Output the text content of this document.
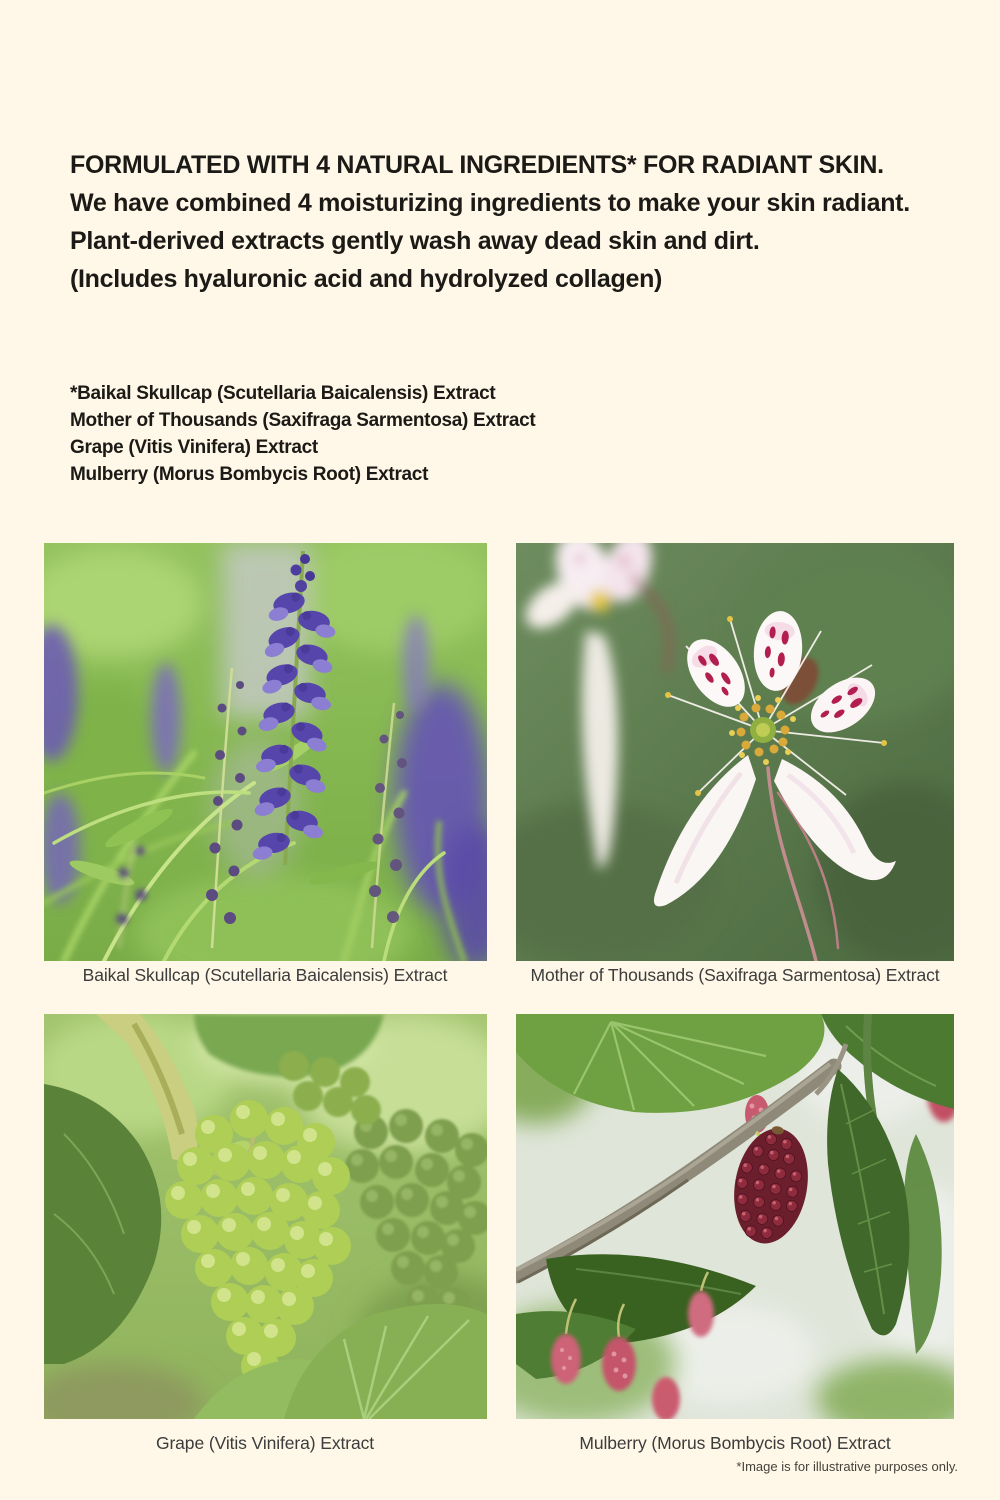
FORMULATED WITH 4 NATURAL INGREDIENTS* FOR RADIANT SKIN.
We have combined 4 moisturizing ingredients to make your skin radiant.
Plant-derived extracts gently wash away dead skin and dirt.
(Includes hyaluronic acid and hydrolyzed collagen)
*Baikal Skullcap (Scutellaria Baicalensis) Extract
Mother of Thousands (Saxifraga Sarmentosa) Extract
Grape (Vitis Vinifera) Extract
Mulberry (Morus Bombycis Root) Extract
Baikal Skullcap (Scutellaria Baicalensis) Extract	Mother of Thousands (Saxifraga Sarmentosa) Extract
Grape (Vitis Vinifera) Extract	Mulberry (Morus Bombycis Root) Extract
*Image is for illustrative purposes only.
